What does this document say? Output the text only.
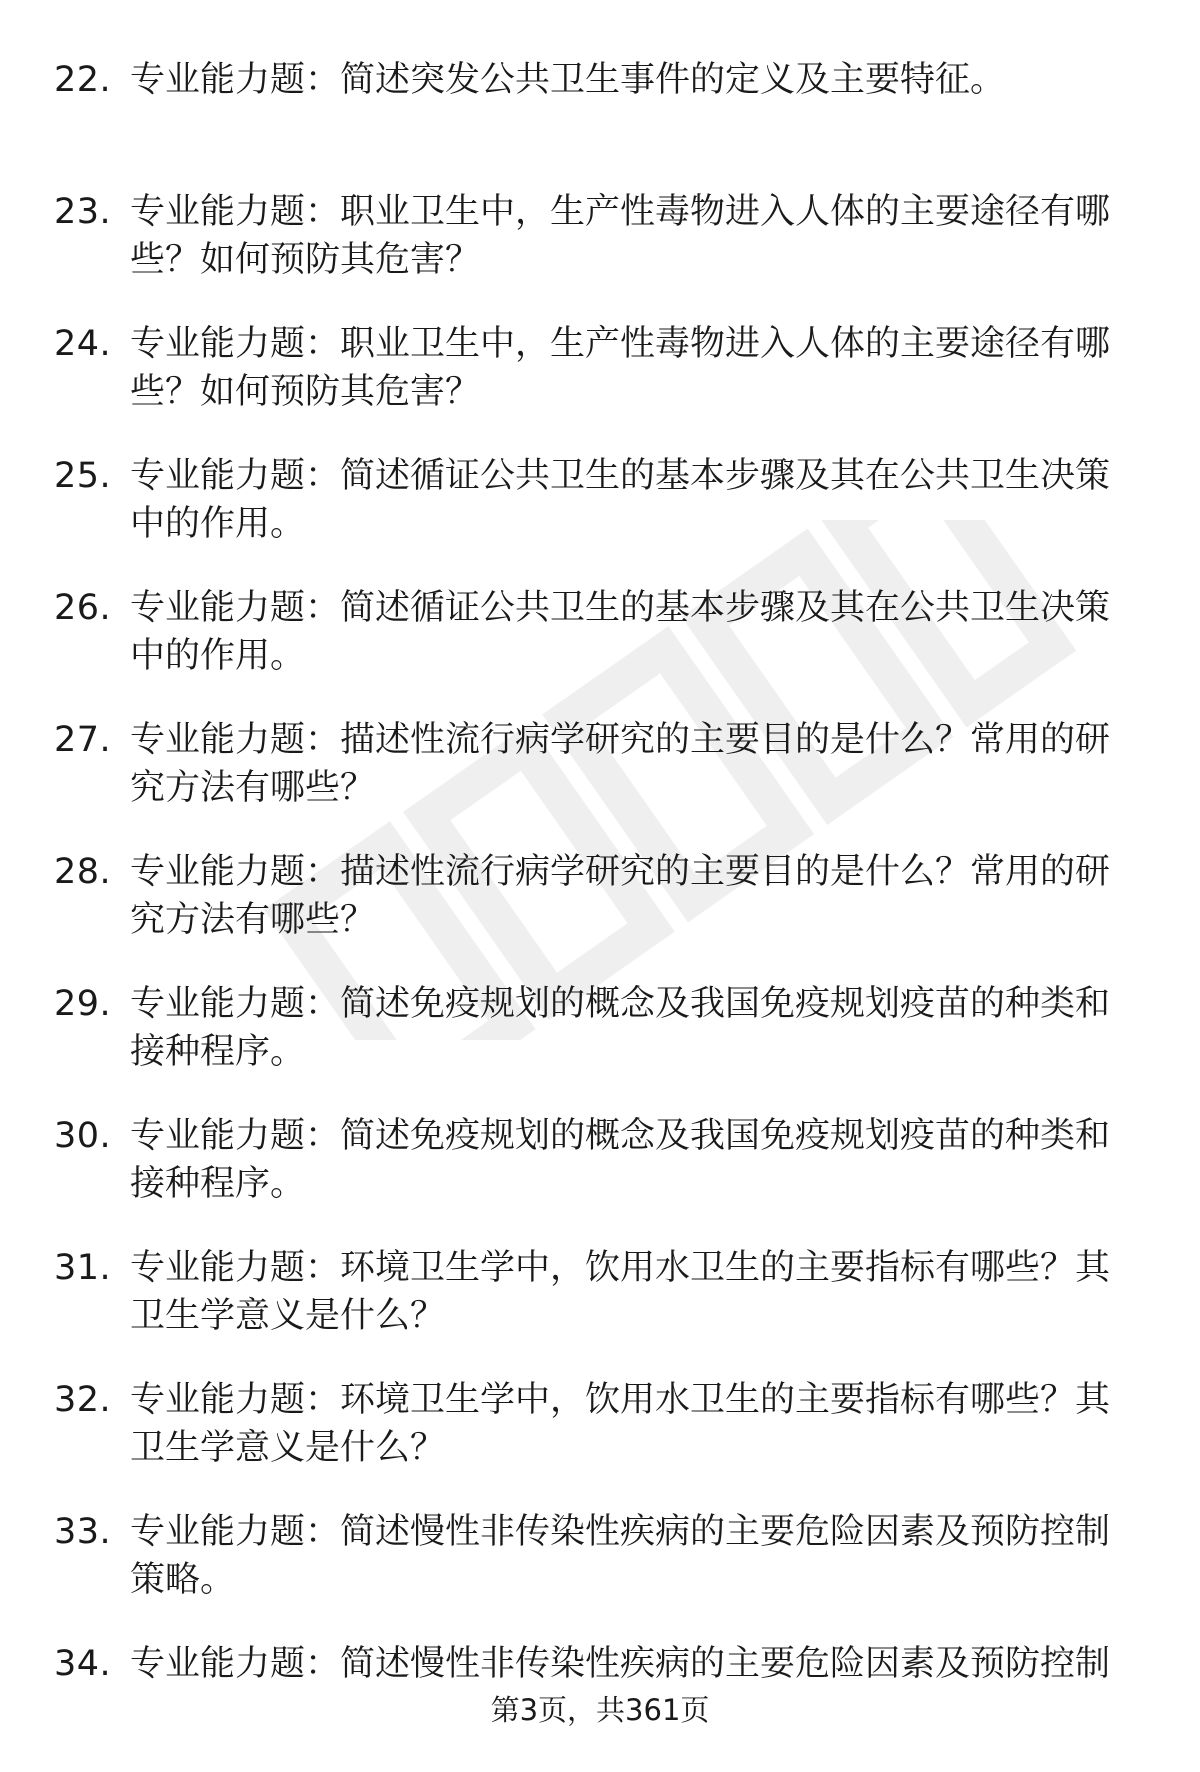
22. 专业能力题：简述突发公共卫生事件的定义及主要特征。
23. 专业能力题：职业卫生中，生产性毒物进入人体的主要途径有哪些？如何预防其危害？
24. 专业能力题：职业卫生中，生产性毒物进入人体的主要途径有哪些？如何预防其危害？
25. 专业能力题：简述循证公共卫生的基本步骤及其在公共卫生决策中的作用。
26. 专业能力题：简述循证公共卫生的基本步骤及其在公共卫生决策中的作用。
27. 专业能力题：描述性流行病学研究的主要目的是什么？常用的研究方法有哪些？
28. 专业能力题：描述性流行病学研究的主要目的是什么？常用的研究方法有哪些？
29. 专业能力题：简述免疫规划的概念及我国免疫规划疫苗的种类和接种程序。
30. 专业能力题：简述免疫规划的概念及我国免疫规划疫苗的种类和接种程序。
31. 专业能力题：环境卫生学中，饮用水卫生的主要指标有哪些？其卫生学意义是什么？
32. 专业能力题：环境卫生学中，饮用水卫生的主要指标有哪些？其卫生学意义是什么？
33. 专业能力题：简述慢性非传染性疾病的主要危险因素及预防控制策略。
34. 专业能力题：简述慢性非传染性疾病的主要危险因素及预防控制
第3页，共361页
